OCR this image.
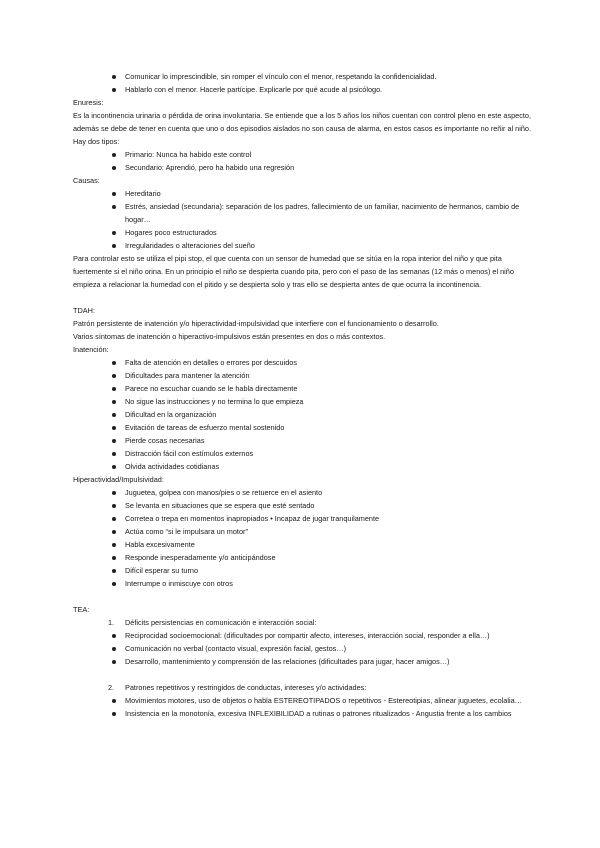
Comunicar lo imprescindible, sin romper el vínculo con el menor, respetando la confidencialidad.
Hablarlo con el menor. Hacerle partícipe. Explicarle por qué acude al psicólogo.

Enuresis:

Es la incontinencia urinaria o pérdida de orina involuntaria. Se entiende que a los 5 años los niños cuentan con control pleno en este aspecto, además se debe de tener en cuenta que uno o dos episodios aislados no son causa de alarma, en estos casos es importante no reñir al niño. Hay dos tipos:

Primario: Nunca ha habido este control
Secundario: Aprendió, pero ha habido una regresión

Causas:

Hereditario
Estrés, ansiedad (secundaria): separación de los padres, fallecimiento de un familiar, nacimiento de hermanos, cambio de hogar…
Hogares poco estructurados
Irregularidades o alteraciones del sueño

Para controlar esto se utiliza el pipi stop, el que cuenta con un sensor de humedad que se sitúa en la ropa interior del niño y que pita fuertemente si el niño orina. En un principio el niño se despierta cuando pita, pero con el paso de las semanas (12 más o menos) el niño empieza a relacionar la humedad con el pitido y se despierta solo y tras ello se despierta antes de que ocurra la incontinencia.

TDAH:

Patrón persistente de inatención y/o hiperactividad-impulsividad que interfiere con el funcionamiento o desarrollo.

Varios síntomas de inatención o hiperactivo-impulsivos están presentes en dos o más contextos.

Inatención:

Falta de atención en detalles o errores por descuidos
Dificultades para mantener la atención
Parece no escuchar cuando se le habla directamente
No sigue las instrucciones y no termina lo que empieza
Dificultad en la organización
Evitación de tareas de esfuerzo mental sostenido
Pierde cosas necesarias
Distracción fácil con estímulos externos
Olvida actividades cotidianas

Hiperactividad/Impulsividad:

Juguetea, golpea con manos/pies o se retuerce en el asiento
Se levanta en situaciones que se espera que esté sentado
Corretea o trepa en momentos inapropiados • Incapaz de jugar tranquilamente
Actúa como “si le impulsara un motor”
Habla excesivamente
Responde inesperadamente y/o anticipándose
Difícil esperar su turno
Interrumpe o inmiscuye con otros

TEA:

1. Déficits persistencias en comunicación e interacción social:
Reciprocidad socioemocional: (dificultades por compartir afecto, intereses, interacción social, responder a ella…)
Comunicación no verbal (contacto visual, expresión facial, gestos…)
Desarrollo, mantenimiento y comprensión de las relaciones (dificultades para jugar, hacer amigos…)
2. Patrones repetitivos y restringidos de conductas, intereses y/o actividades:
Movimientos motores, uso de objetos o habla ESTEREOTIPADOS o repetitivos - Estereotipias, alinear juguetes, ecolalia…
Insistencia en la monotonía, excesiva INFLEXIBILIDAD a rutinas o patrones ritualizados - Angustia frente a los cambios
